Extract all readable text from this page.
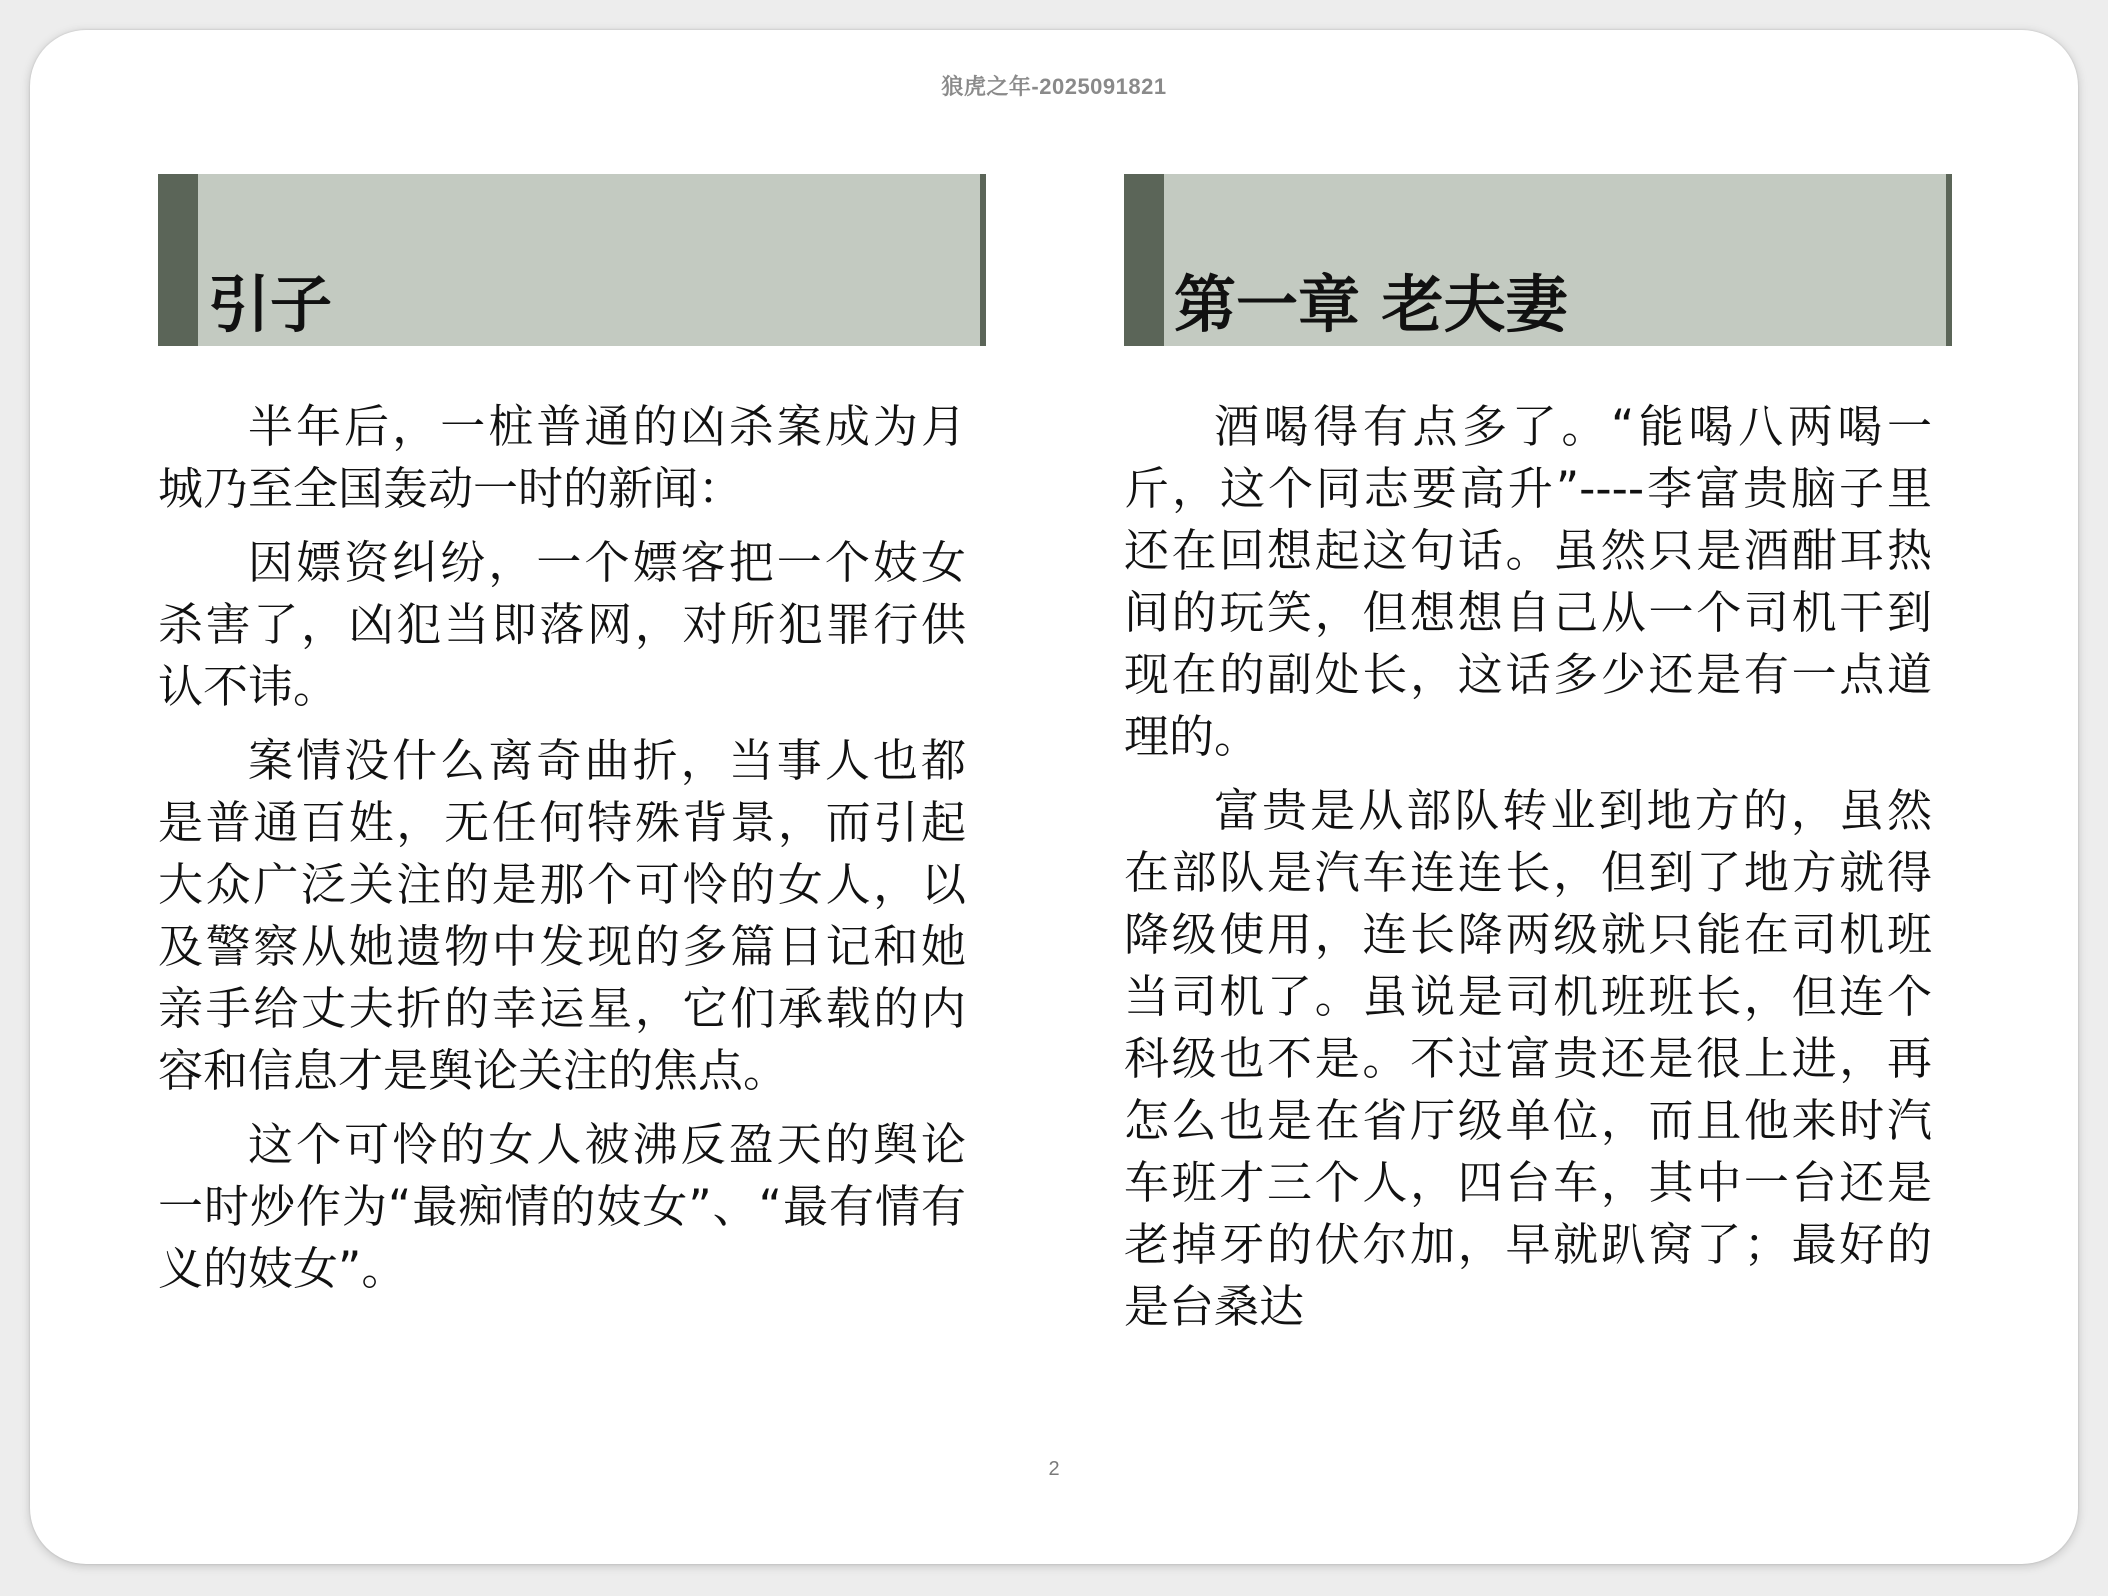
狼虎之年-2025091821
引子

半年后，一桩普通的凶杀案成为月城乃至全国轰动一时的新闻：

因嫖资纠纷，一个嫖客把一个妓女杀害了，凶犯当即落网，对所犯罪行供认不讳。

案情没什么离奇曲折，当事人也都是普通百姓，无任何特殊背景，而引起大众广泛关注的是那个可怜的女人，以及警察从她遗物中发现的多篇日记和她亲手给丈夫折的幸运星，它们承载的内容和信息才是舆论关注的焦点。

这个可怜的女人被沸反盈天的舆论一时炒作为“最痴情的妓女”、“最有情有义的妓女”。

第一章 老夫妻

酒喝得有点多了。“能喝八两喝一斤，这个同志要高升”----李富贵脑子里还在回想起这句话。虽然只是酒酣耳热间的玩笑，但想想自己从一个司机干到现在的副处长，这话多少还是有一点道理的。

富贵是从部队转业到地方的，虽然在部队是汽车连连长，但到了地方就得降级使用，连长降两级就只能在司机班当司机了。虽说是司机班班长，但连个科级也不是。不过富贵还是很上进，再怎么也是在省厅级单位，而且他来时汽车班才三个人，四台车，其中一台还是老掉牙的伏尔加，早就趴窝了；最好的是台桑达

2
